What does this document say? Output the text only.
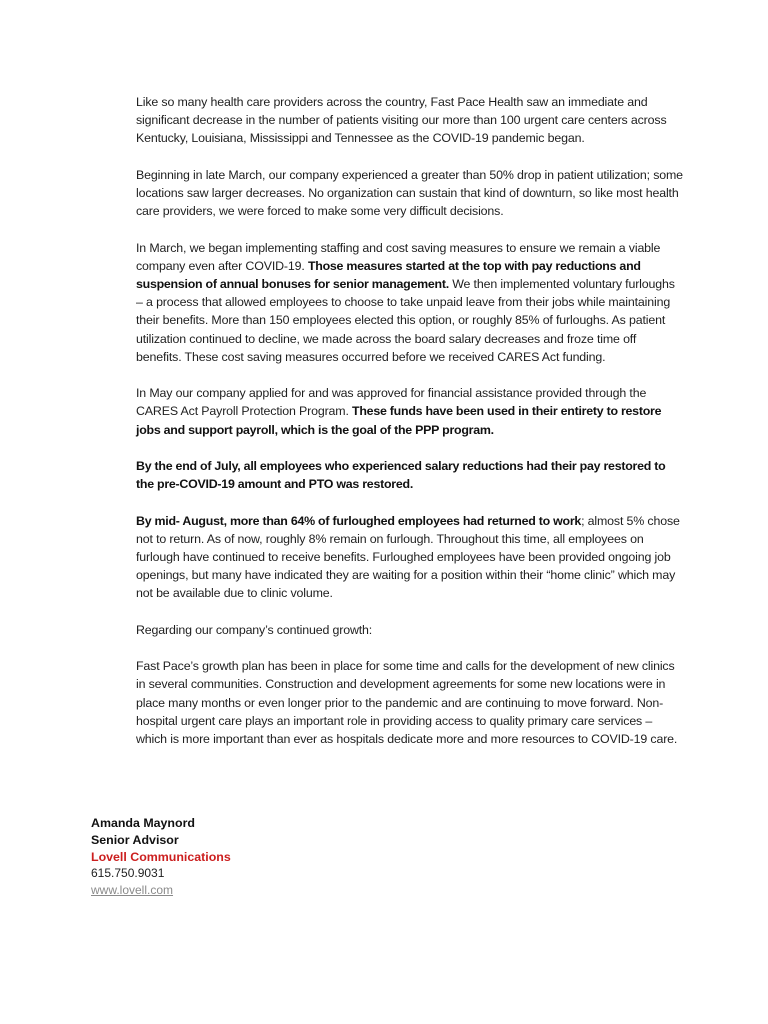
Like so many health care providers across the country, Fast Pace Health saw an immediate and significant decrease in the number of patients visiting our more than 100 urgent care centers across Kentucky, Louisiana, Mississippi and Tennessee as the COVID-19 pandemic began.

Beginning in late March, our company experienced a greater than 50% drop in patient utilization; some locations saw larger decreases. No organization can sustain that kind of downturn, so like most health care providers, we were forced to make some very difficult decisions.

In March, we began implementing staffing and cost saving measures to ensure we remain a viable company even after COVID-19. Those measures started at the top with pay reductions and suspension of annual bonuses for senior management. We then implemented voluntary furloughs – a process that allowed employees to choose to take unpaid leave from their jobs while maintaining their benefits. More than 150 employees elected this option, or roughly 85% of furloughs. As patient utilization continued to decline, we made across the board salary decreases and froze time off benefits. These cost saving measures occurred before we received CARES Act funding.

In May our company applied for and was approved for financial assistance provided through the CARES Act Payroll Protection Program. These funds have been used in their entirety to restore jobs and support payroll, which is the goal of the PPP program.

By the end of July, all employees who experienced salary reductions had their pay restored to the pre-COVID-19 amount and PTO was restored.

By mid- August, more than 64% of furloughed employees had returned to work; almost 5% chose not to return. As of now, roughly 8% remain on furlough. Throughout this time, all employees on furlough have continued to receive benefits. Furloughed employees have been provided ongoing job openings, but many have indicated they are waiting for a position within their “home clinic” which may not be available due to clinic volume.

Regarding our company’s continued growth:

Fast Pace’s growth plan has been in place for some time and calls for the development of new clinics in several communities. Construction and development agreements for some new locations were in place many months or even longer prior to the pandemic and are continuing to move forward. Non-hospital urgent care plays an important role in providing access to quality primary care services – which is more important than ever as hospitals dedicate more and more resources to COVID-19 care.

Amanda Maynord
Senior Advisor
Lovell Communications
615.750.9031
www.lovell.com
